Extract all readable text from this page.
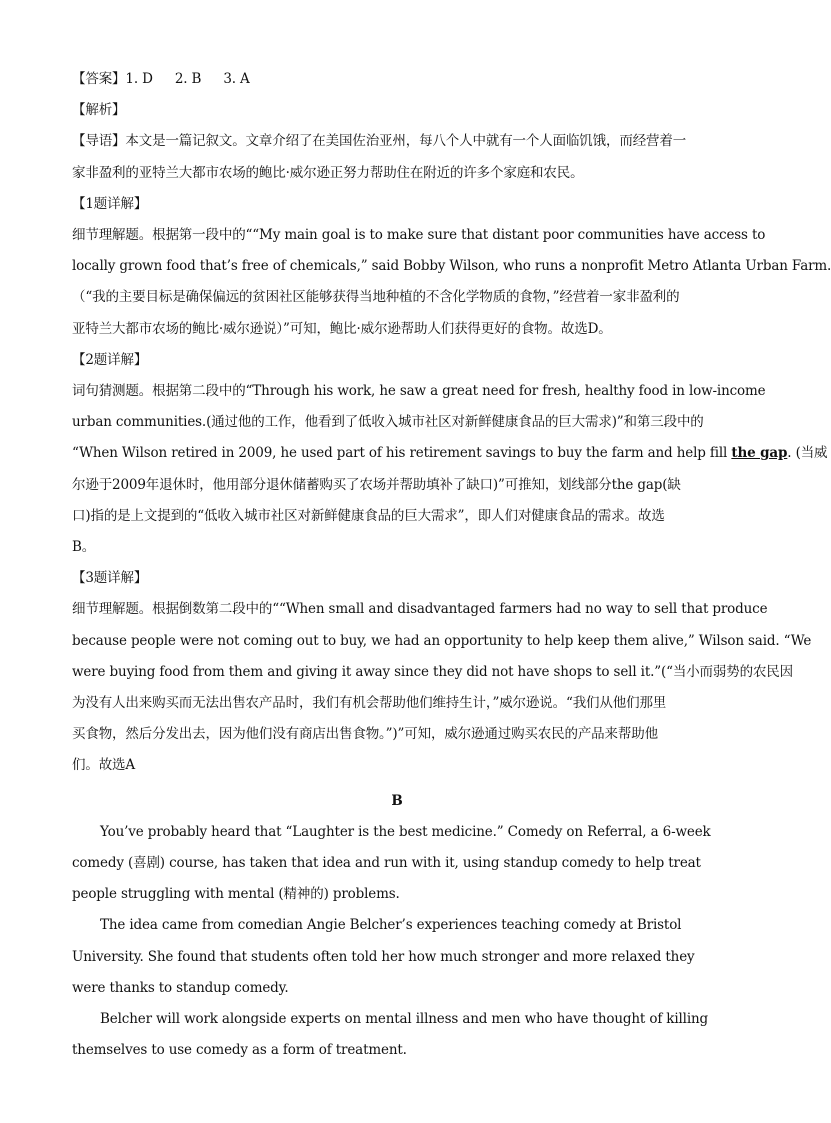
【答案】1. D 2. B 3. A
【解析】
【导语】本文是一篇记叙文。文章介绍了在美国佐治亚州，每八个人中就有一个人面临饥饿，而经营着一
家非盈利的亚特兰大都市农场的鲍比·威尔逊正努力帮助住在附近的许多个家庭和农民。
【1题详解】
细节理解题。根据第一段中的““My main goal is to make sure that distant poor communities have access to
locally grown food that’s free of chemicals,” said Bobby Wilson, who runs a nonprofit Metro Atlanta Urban Farm.
（“我的主要目标是确保偏远的贫困社区能够获得当地种植的不含化学物质的食物，”经营着一家非盈利的
亚特兰大都市农场的鲍比·威尔逊说）”可知，鲍比·威尔逊帮助人们获得更好的食物。故选D。
【2题详解】
词句猜测题。根据第二段中的“Through his work, he saw a great need for fresh, healthy food in low-income
urban communities.(通过他的工作，他看到了低收入城市社区对新鲜健康食品的巨大需求)”和第三段中的
“When Wilson retired in 2009, he used part of his retirement savings to buy the farm and help fill the gap. (当威
尔逊于2009年退休时，他用部分退休储蓄购买了农场并帮助填补了缺口)”可推知，划线部分the gap(缺
口)指的是上文提到的“低收入城市社区对新鲜健康食品的巨大需求”，即人们对健康食品的需求。故选
B。
【3题详解】
细节理解题。根据倒数第二段中的““When small and disadvantaged farmers had no way to sell that produce
because people were not coming out to buy, we had an opportunity to help keep them alive,” Wilson said. “We
were buying food from them and giving it away since they did not have shops to sell it.”(“当小而弱势的农民因
为没有人出来购买而无法出售农产品时，我们有机会帮助他们维持生计，”威尔逊说。“我们从他们那里
买食物，然后分发出去，因为他们没有商店出售食物。”)”可知，威尔逊通过购买农民的产品来帮助他
们。故选A
B
You’ve probably heard that “Laughter is the best medicine.” Comedy on Referral, a 6-week comedy (喜剧) course, has taken that idea and run with it, using standup comedy to help treat people struggling with mental (精神的) problems.
The idea came from comedian Angie Belcher’s experiences teaching comedy at Bristol University. She found that students often told her how much stronger and more relaxed they were thanks to standup comedy.
Belcher will work alongside experts on mental illness and men who have thought of killing themselves to use comedy as a form of treatment.
